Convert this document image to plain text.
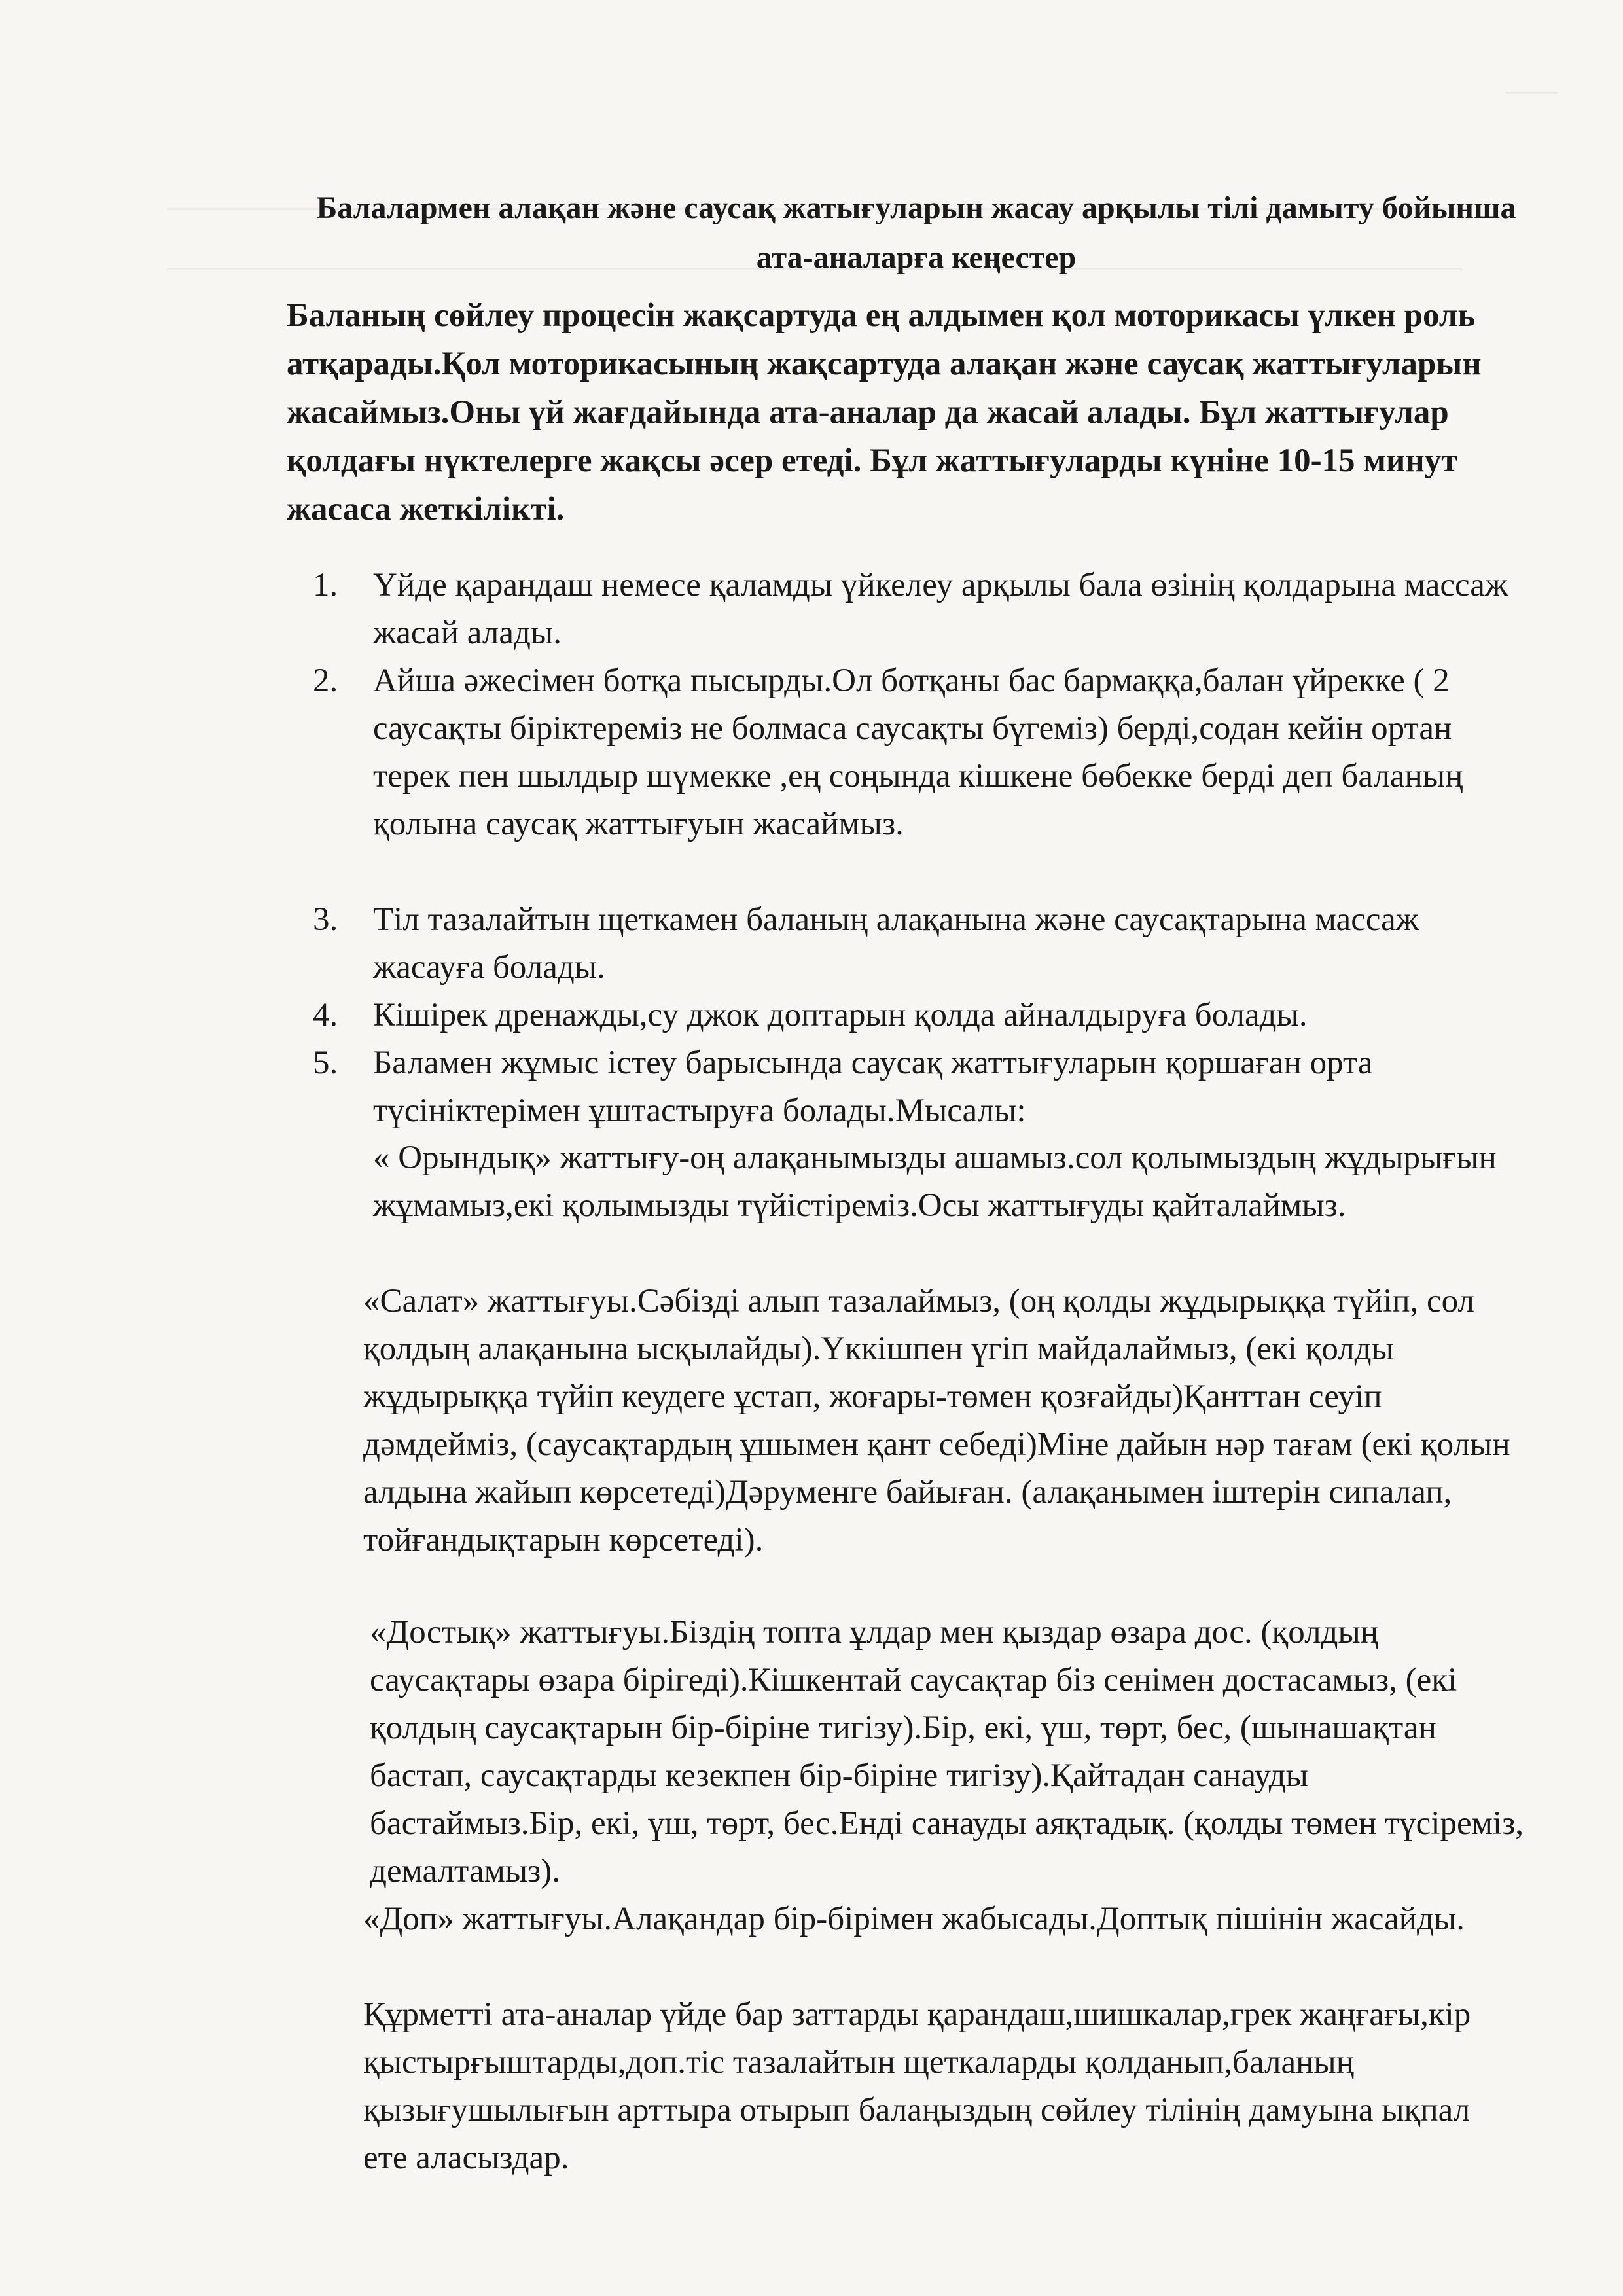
Балалармен алақан және саусақ жатығуларын жасау арқылы тілі дамыту бойынша ата-аналарға кеңестер
Баланың сөйлеу процесін жақсартуда ең алдымен қол моторикасы үлкен роль атқарады.Қол моторикасының жақсартуда алақан және саусақ жаттығуларын жасаймыз.Оны үй жағдайында ата-аналар да жасай алады. Бұл жаттығулар қолдағы нүктелерге жақсы әсер етеді. Бұл жаттығуларды күніне 10-15 минут жасаса жеткілікті.
1. Үйде қарандаш немесе қаламды үйкелеу арқылы бала өзінің қолдарына массаж жасай алады.
2. Айша әжесімен ботқа пысырды.Ол ботқаны бас бармаққа,балан үйрекке ( 2 саусақты біріктереміз не болмаса саусақты бүгеміз) берді,содан кейін ортан терек пен шылдыр шүмекке ,ең соңында кішкене бөбекке берді деп баланың қолына саусақ жаттығуын жасаймыз.
3. Тіл тазалайтын щеткамен баланың алақанына және саусақтарына массаж жасауға болады.
4. Кішірек дренажды,су джок доптарын қолда айналдыруға болады.
5. Баламен жұмыс істеу барысында саусақ жаттығуларын қоршаған орта түсініктерімен ұштастыруға болады.Мысалы:
« Орындық» жаттығу-оң алақанымызды ашамыз.сол қолымыздың жұдырығын жұмамыз,екі қолымызды түйістіреміз.Осы жаттығуды қайталаймыз.
«Салат» жаттығуы.Сәбізді алып тазалаймыз, (оң қолды жұдырыққа түйіп, сол қолдың алақанына ысқылайды).Үккішпен үгіп майдалаймыз, (екі қолды жұдырыққа түйіп кеудеге ұстап, жоғары-төмен қозғайды)Қанттан сеуіп дәмдейміз, (саусақтардың ұшымен қант себеді)Міне дайын нәр тағам (екі қолын алдына жайып көрсетеді)Дәруменге байыған. (алақанымен іштерін сипалап, тойғандықтарын көрсетеді).
«Достық» жаттығуы.Біздің топта ұлдар мен қыздар өзара дос. (қолдың саусақтары өзара бірігеді).Кішкентай саусақтар біз сенімен достасамыз, (екі қолдың саусақтарын бір-біріне тигізу).Бір, екі, үш, төрт, бес, (шынашақтан бастап, саусақтарды кезекпен бір-біріне тигізу).Қайтадан санауды бастаймыз.Бір, екі, үш, төрт, бес.Енді санауды аяқтадық. (қолды төмен түсіреміз, демалтамыз).
«Доп» жаттығуы.Алақандар бір-бірімен жабысады.Доптық пішінін жасайды.
Құрметті ата-аналар үйде бар заттарды қарандаш,шишкалар,грек жаңғағы,кір қыстырғыштарды,доп.тіс тазалайтын щеткаларды қолданып,баланың қызығушылығын арттыра отырып балаңыздың сөйлеу тілінің дамуына ықпал ете аласыздар.
